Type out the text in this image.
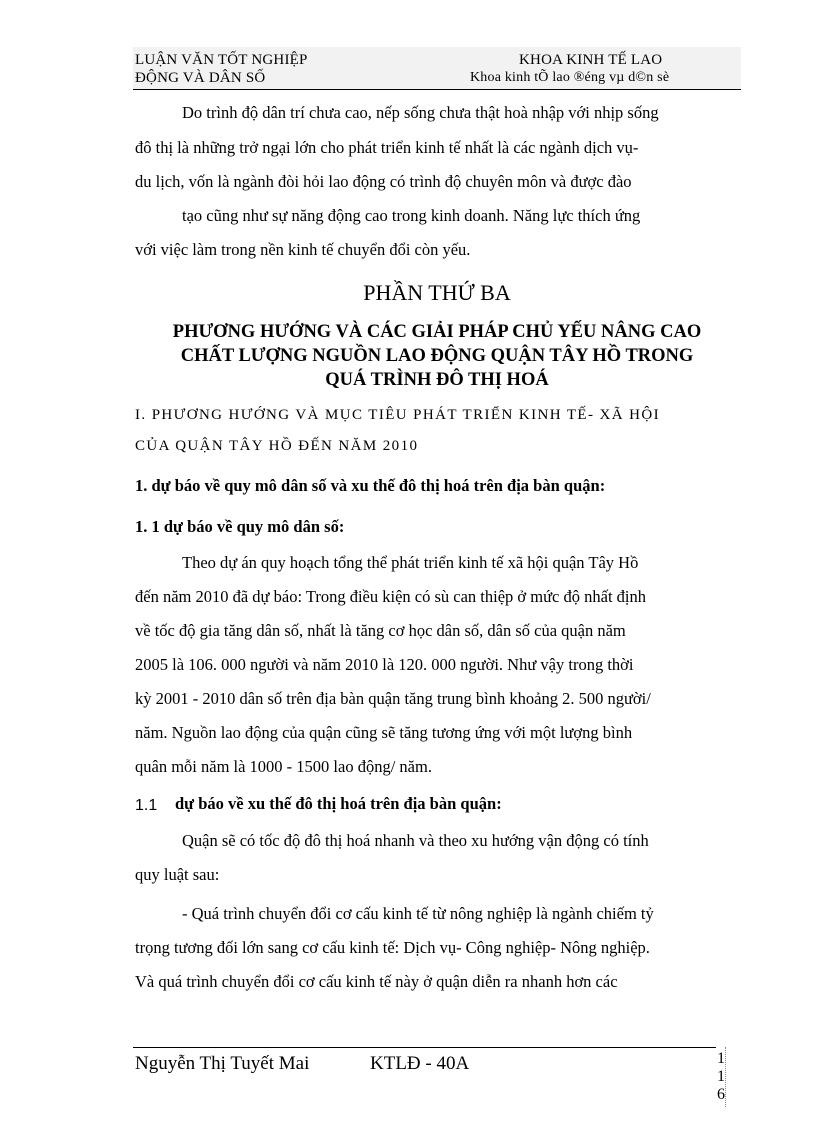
LUẬN VĂN TỐT NGHIỆP
ĐỘNG VÀ DÂN SỐ
KHOA KINH TẾ LAO
Khoa kinh tÕ lao ®éng vµ d©n sè
Do trình độ dân trí chưa cao, nếp sống chưa thật hoà nhập với nhịp sống
đô thị là những trở ngại lớn cho phát triển kinh tế nhất là các ngành dịch vụ-
du lịch, vốn là ngành đòi hỏi lao động có trình độ chuyên môn và được đào
tạo cũng như sự năng động cao trong kinh doanh. Năng lực thích ứng
với việc làm trong nền kinh tế chuyển đổi còn yếu.
PHẦN THỨ BA
PHƯƠNG HƯỚNG VÀ CÁC GIẢI PHÁP CHỦ YẾU NÂNG CAO
CHẤT LƯỢNG NGUỒN LAO ĐỘNG QUẬN TÂY HỒ TRONG
QUÁ TRÌNH ĐÔ THỊ HOÁ
I. PHƯƠNG HƯỚNG VÀ MỤC TIÊU PHÁT TRIỂN KINH TẾ- XÃ HỘI
CỦA QUẬN TÂY HỒ ĐẾN NĂM 2010
1. dự báo về quy mô dân số và xu thế đô thị hoá trên địa bàn quận:
1. 1 dự báo về quy mô dân số:
Theo dự án quy hoạch tổng thể phát triển kinh tế xã hội quận Tây Hồ
đến năm 2010 đã dự báo: Trong điều kiện có sù can thiệp ở mức độ nhất định
về tốc độ gia tăng dân số, nhất là tăng cơ học dân số, dân số của quận năm
2005 là 106. 000 người và năm 2010 là 120. 000 người. Như vậy trong thời
kỳ 2001 - 2010 dân số trên địa bàn quận tăng trung bình khoảng 2. 500 người/
năm. Nguồn lao động của quận cũng sẽ tăng tương ứng với một lượng bình
quân mỗi năm là 1000 - 1500 lao động/ năm.
1.1 dự báo về xu thế đô thị hoá trên địa bàn quận:
Quận sẽ có tốc độ đô thị hoá nhanh và theo xu hướng vận động có tính
quy luật sau:
- Quá trình chuyển đổi cơ cấu kinh tế từ nông nghiệp là ngành chiếm tỷ
trọng tương đối lớn sang cơ cấu kinh tế: Dịch vụ- Công nghiệp- Nông nghiệp.
Và quá trình chuyển đổi cơ cấu kinh tế này ở quận diễn ra nhanh hơn các
Nguyễn Thị Tuyết Mai	KTLĐ - 40A	1
1
6
